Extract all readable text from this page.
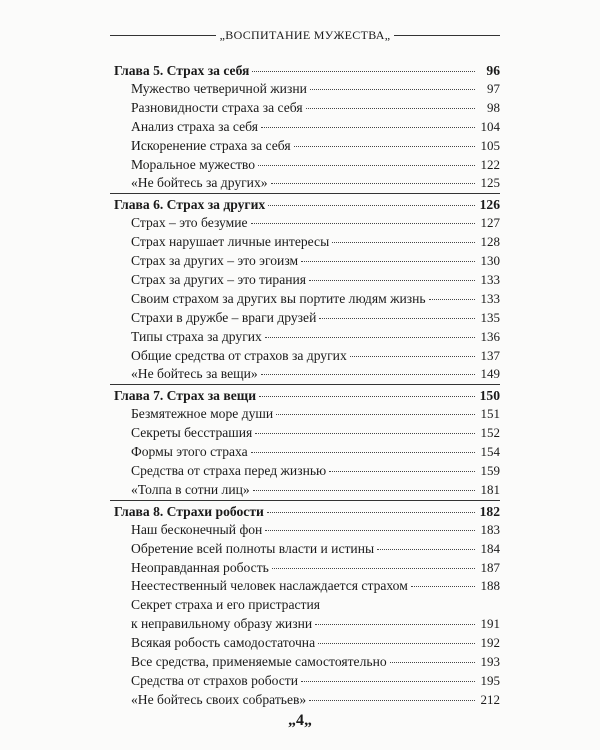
„ВОСПИТАНИЕ МУЖЕСТВА„
Глава 5. Страх за себя	96
Мужество четверичной жизни	97
Разновидности страха за себя	98
Анализ страха за себя	104
Искоренение страха за себя	105
Моральное мужество	122
«Не бойтесь за других»	125
Глава 6. Страх за других	126
Страх – это безумие	127
Страх нарушает личные интересы	128
Страх за других – это эгоизм	130
Страх за других – это тирания	133
Своим страхом за других вы портите людям жизнь	133
Страхи в дружбе – враги друзей	135
Типы страха за других	136
Общие средства от страхов за других	137
«Не бойтесь за вещи»	149
Глава 7. Страх за вещи	150
Безмятежное море души	151
Секреты бесстрашия	152
Формы этого страха	154
Средства от страха перед жизнью	159
«Толпа в сотни лиц»	181
Глава 8. Страхи робости	182
Наш бесконечный фон	183
Обретение всей полноты власти и истины	184
Неоправданная робость	187
Неестественный человек наслаждается страхом	188
Секрет страха и его пристрастия
к неправильному образу жизни	191
Всякая робость самодостаточна	192
Все средства, применяемые самостоятельно	193
Средства от страхов робости	195
«Не бойтесь своих собратьев»	212
„4„
